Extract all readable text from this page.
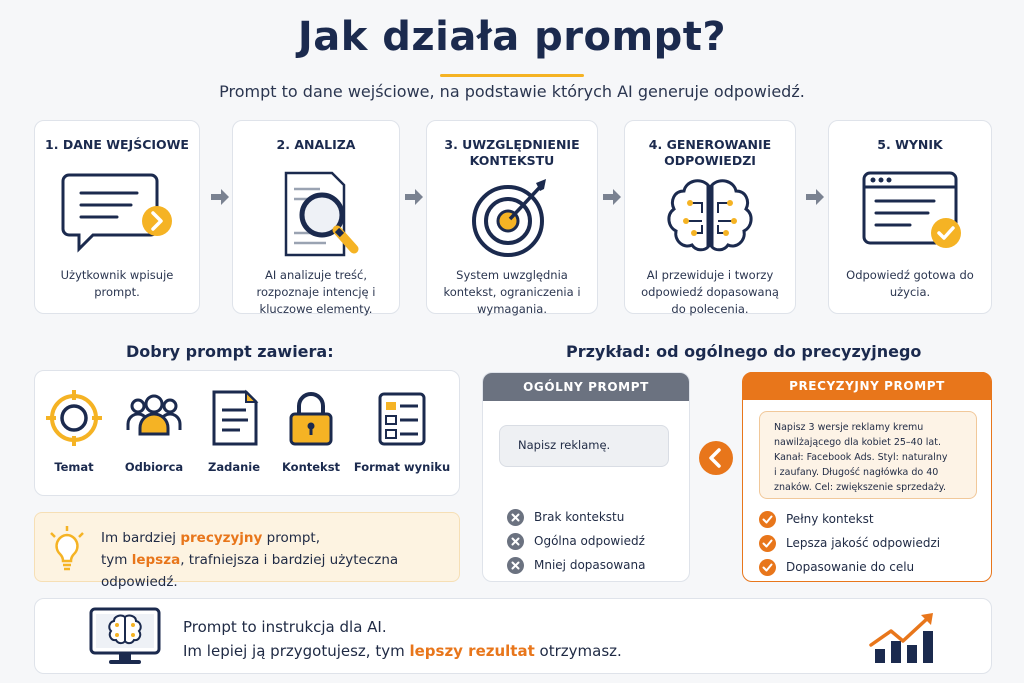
Jak działa prompt?
Prompt to dane wejściowe, na podstawie których AI generuje odpowiedź.
1. DANE WEJŚCIOWE
Użytkownik wpisuje prompt.
2. ANALIZA
AI analizuje treść, rozpoznaje intencję i kluczowe elementy.
3. UWZGLĘDNIENIE KONTEKSTU
System uwzględnia kontekst, ograniczenia i wymagania.
4. GENEROWANIE ODPOWIEDZI
AI przewiduje i tworzy odpowiedź dopasowaną do polecenia.
5. WYNIK
Odpowiedź gotowa do użycia.
Dobry prompt zawiera:
Temat	Odbiorca	Zadanie	Kontekst	Format wyniku
Im bardziej precyzyjny prompt,
tym lepsza, trafniejsza i bardziej użyteczna odpowiedź.
Przykład: od ogólnego do precyzyjnego
OGÓLNY PROMPT
Napisz reklamę.
Brak kontekstu
Ogólna odpowiedź
Mniej dopasowana
PRECYZYJNY PROMPT
Napisz 3 wersje reklamy kremu
nawilżającego dla kobiet 25–40 lat.
Kanał: Facebook Ads. Styl: naturalny
i zaufany. Długość nagłówka do 40
znaków. Cel: zwiększenie sprzedaży.
Pełny kontekst
Lepsza jakość odpowiedzi
Dopasowanie do celu
Prompt to instrukcja dla AI.
Im lepiej ją przygotujesz, tym lepszy rezultat otrzymasz.
